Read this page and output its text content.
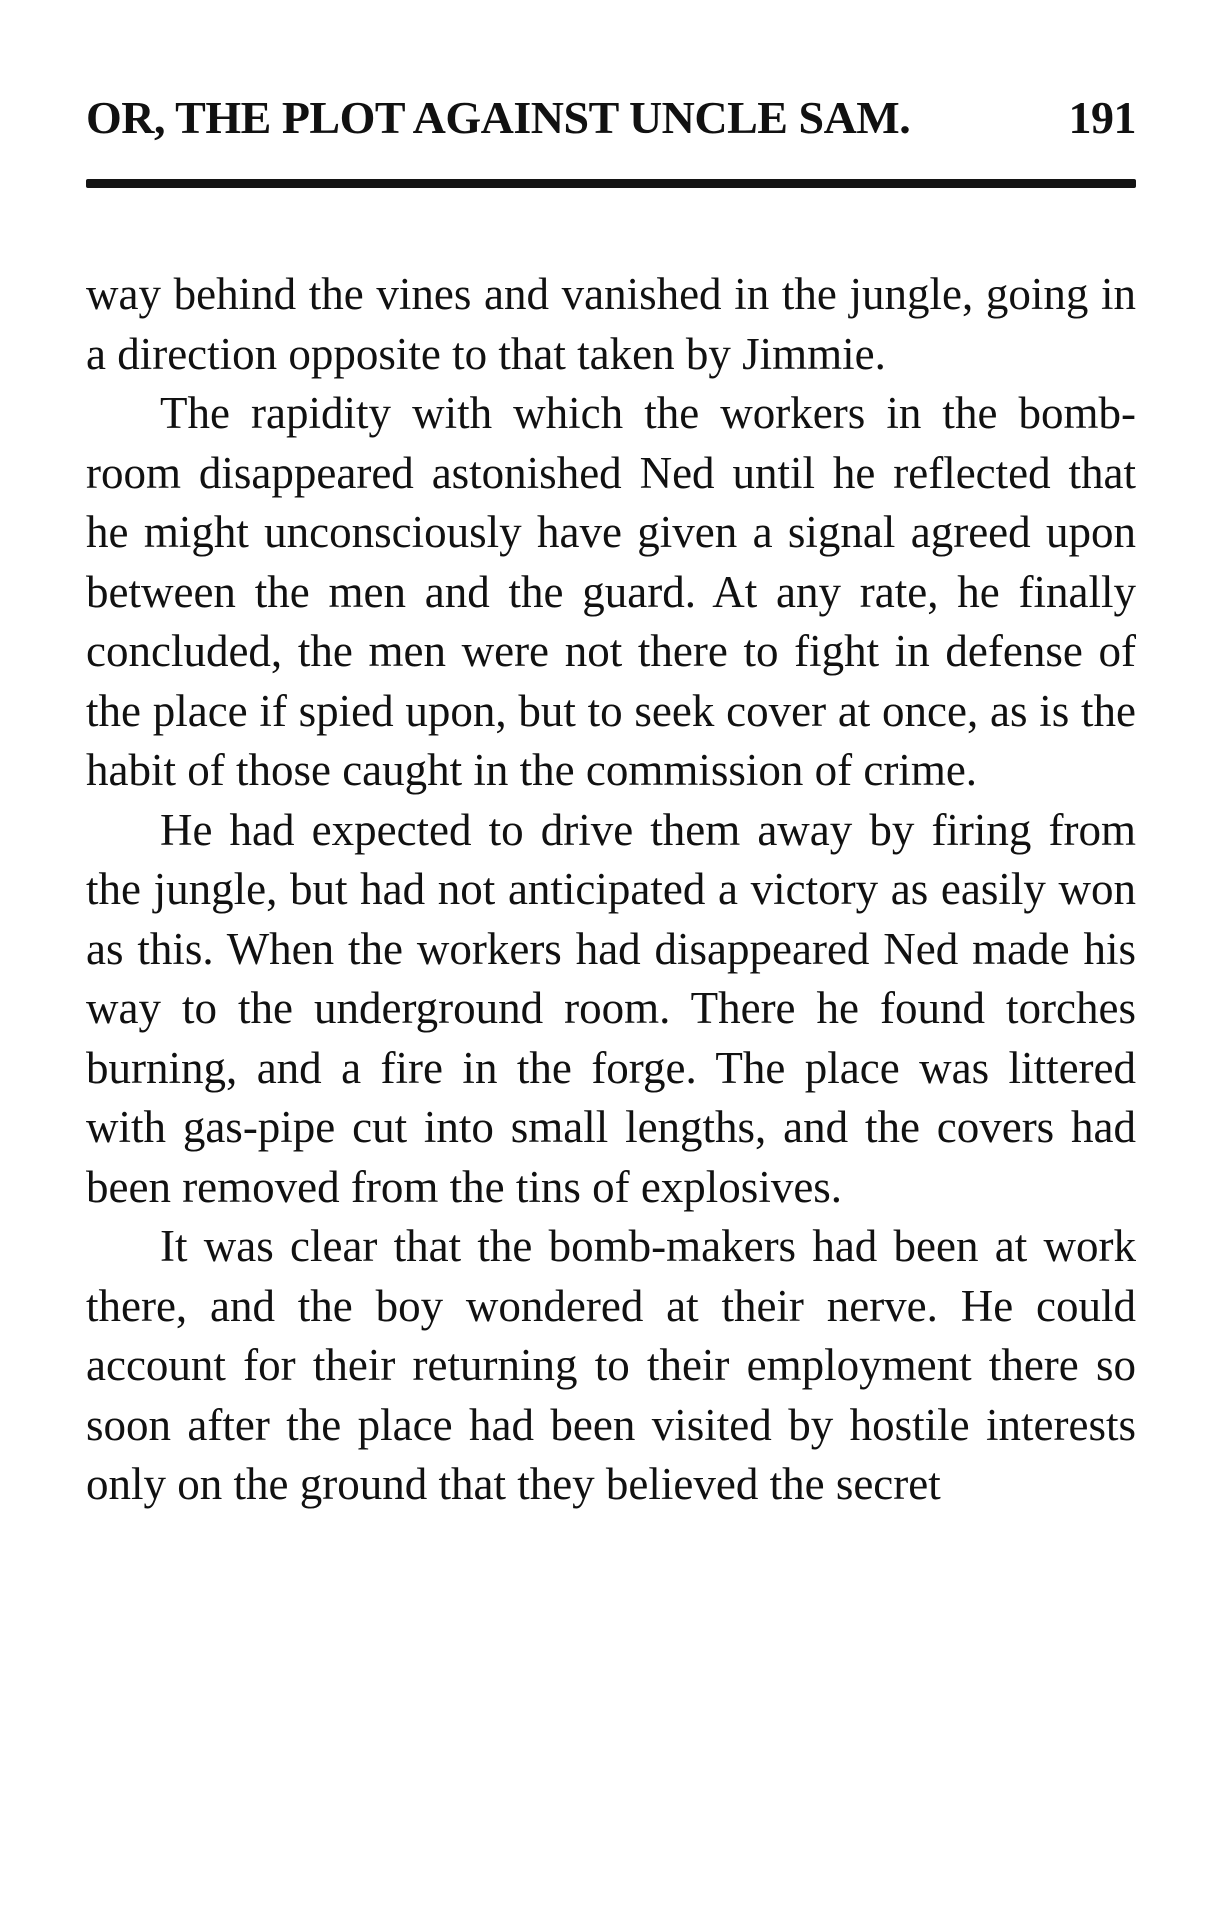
OR, THE PLOT AGAINST UNCLE SAM.	191

way behind the vines and vanished in the jungle, going in a direction opposite to that taken by Jimmie.

The rapidity with which the workers in the bomb-room disappeared astonished Ned until he reflected that he might unconsciously have given a signal agreed upon between the men and the guard. At any rate, he finally concluded, the men were not there to fight in defense of the place if spied upon, but to seek cover at once, as is the habit of those caught in the commission of crime.

He had expected to drive them away by firing from the jungle, but had not anticipated a victory as easily won as this. When the workers had disappeared Ned made his way to the underground room. There he found torches burning, and a fire in the forge. The place was littered with gas-pipe cut into small lengths, and the covers had been removed from the tins of explosives.

It was clear that the bomb-makers had been at work there, and the boy wondered at their nerve. He could account for their returning to their employment there so soon after the place had been visited by hostile interests only on the ground that they believed the secret
